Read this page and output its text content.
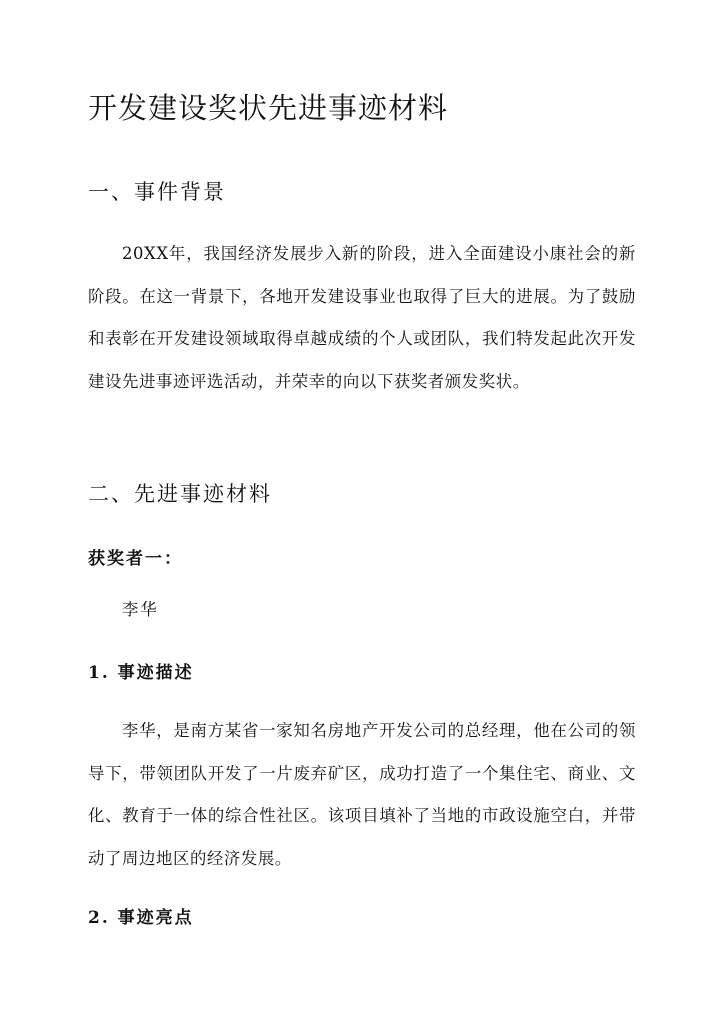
开发建设奖状先进事迹材料
一、事件背景

20XX年，我国经济发展步入新的阶段，进入全面建设小康社会的新阶段。在这一背景下，各地开发建设事业也取得了巨大的进展。为了鼓励和表彰在开发建设领域取得卓越成绩的个人或团队，我们特发起此次开发建设先进事迹评选活动，并荣幸的向以下获奖者颁发奖状。

二、先进事迹材料
获奖者一：

李华

1. 事迹描述

李华，是南方某省一家知名房地产开发公司的总经理，他在公司的领导下，带领团队开发了一片废弃矿区，成功打造了一个集住宅、商业、文化、教育于一体的综合性社区。该项目填补了当地的市政设施空白，并带动了周边地区的经济发展。

2. 事迹亮点
